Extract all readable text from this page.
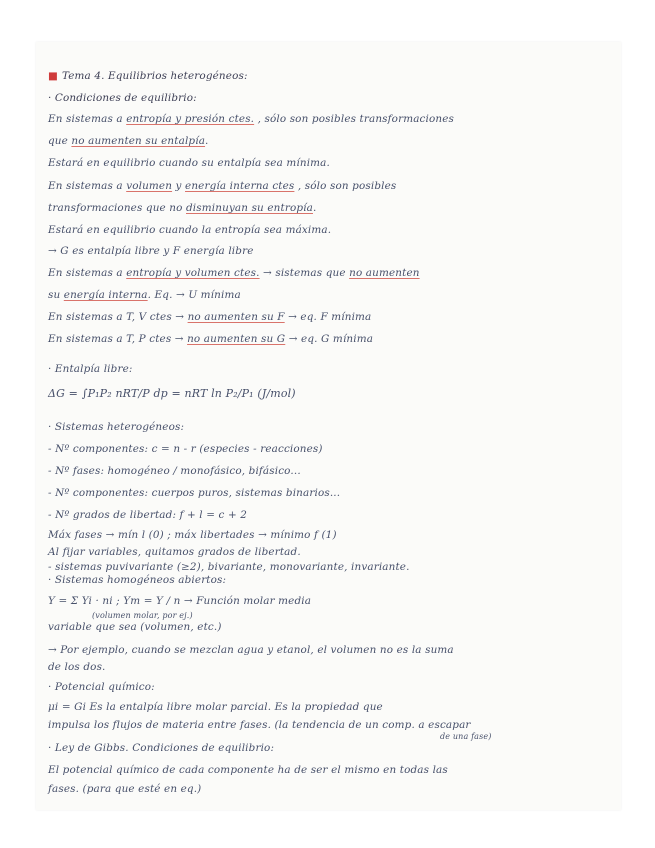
■ Tema 4. Equilibrios heterogéneos:
· Condiciones de equilibrio:
En sistemas a entropía y presión ctes. , sólo son posibles transformaciones
que no aumenten su entalpía.
Estará en equilibrio cuando su entalpía sea mínima.
En sistemas a volumen y energía interna ctes , sólo son posibles
transformaciones que no disminuyan su entropía.
Estará en equilibrio cuando la entropía sea máxima.
→ G es entalpía libre y F energía libre
En sistemas a entropía y volumen ctes. → sistemas que no aumenten
su energía interna. Eq. → U mínima
En sistemas a T, V ctes → no aumenten su F → eq. F mínima
En sistemas a T, P ctes → no aumenten su G → eq. G mínima
· Entalpía libre:
ΔG = ∫P₁P₂ nRT/P dp = nRT ln P₂/P₁ (J/mol)
· Sistemas heterogéneos:
- Nº componentes: c = n - r (especies - reacciones)
- Nº fases: homogéneo / monofásico, bifásico...
- Nº componentes: cuerpos puros, sistemas binarios...
- Nº grados de libertad: f + l = c + 2
Máx fases → mín l (0) ; máx libertades → mínimo f (1)
Al fijar variables, quitamos grados de libertad.
- sistemas puvivariante (≥2), bivariante, monovariante, invariante.
· Sistemas homogéneos abiertos:
Y = Σ Yi · ni ; Ym = Y / n → Función molar media
(volumen molar, por ej.)
variable que sea (volumen, etc.)
→ Por ejemplo, cuando se mezclan agua y etanol, el volumen no es la suma
de los dos.
· Potencial químico:
μi = Gi Es la entalpía libre molar parcial. Es la propiedad que
impulsa los flujos de materia entre fases. (la tendencia de un comp. a escapar
de una fase)
· Ley de Gibbs. Condiciones de equilibrio:
El potencial químico de cada componente ha de ser el mismo en todas las
fases. (para que esté en eq.)
